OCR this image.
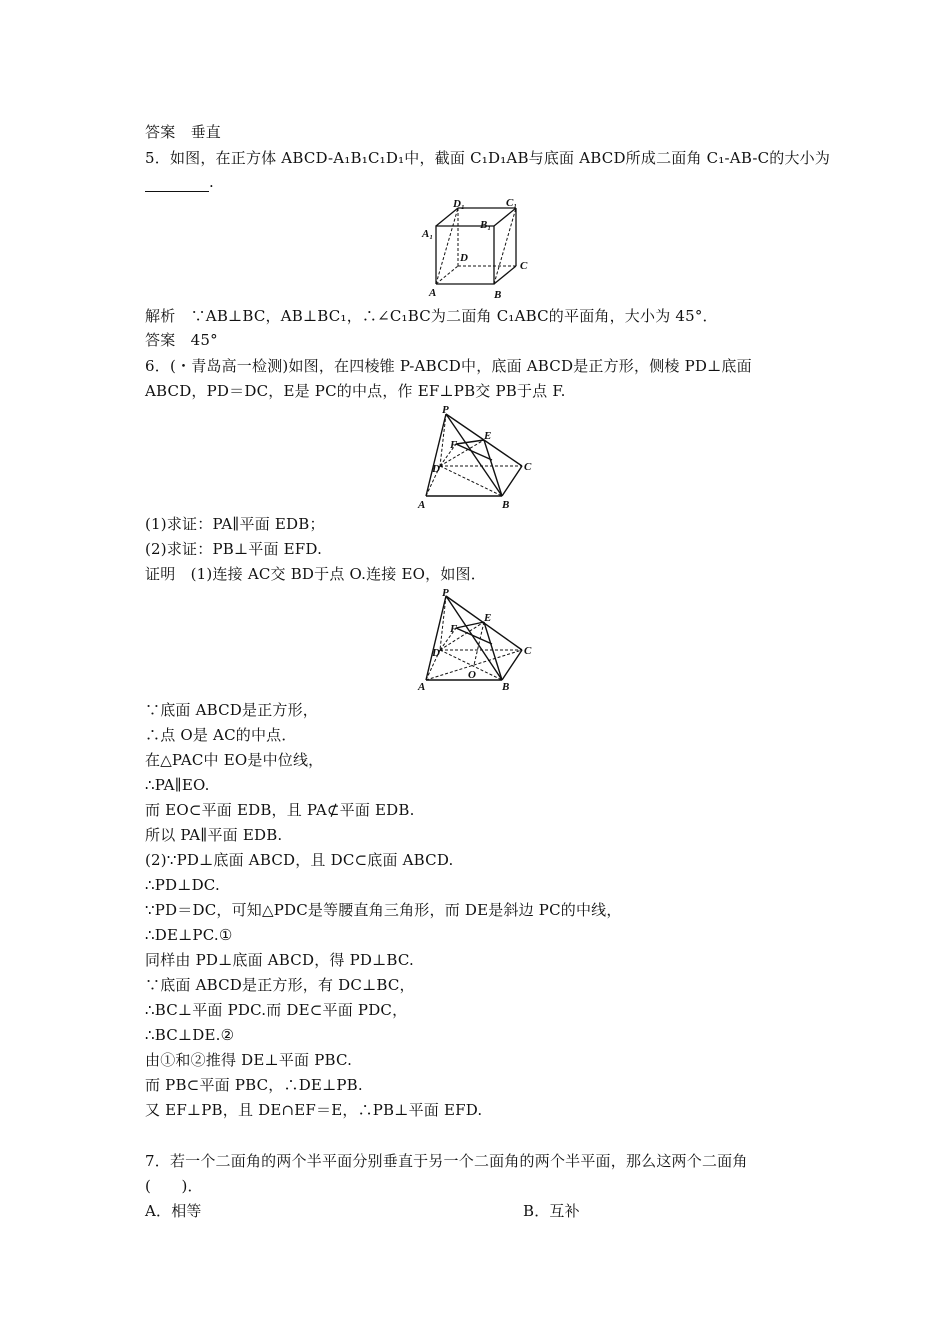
答案　垂直
5．如图，在正方体 ABCD-A₁B₁C₁D₁中，截面 C₁D₁AB与底面 ABCD所成二面角 C₁-AB-C的大小为
.
D₁	C₁
A₁
B₁
D
C
A	B
解析　∵AB⊥BC，AB⊥BC₁，∴∠C₁BC为二面角 C₁ABC的平面角，大小为 45°．
答案　45°
6．(・青岛高一检测)如图，在四棱锥 P-ABCD中，底面 ABCD是正方形，侧棱 PD⊥底面
ABCD，PD＝DC，E是 PC的中点，作 EF⊥PB交 PB于点 F.
P
F
E
D	C
A	B
(1)求证：PA∥平面 EDB；
(2)求证：PB⊥平面 EFD.
证明　(1)连接 AC交 BD于点 O.连接 EO，如图．
P
F
E
D	C
A	B
O
∵底面 ABCD是正方形，
∴点 O是 AC的中点．
在△PAC中 EO是中位线，
∴PA∥EO.
而 EO⊂平面 EDB，且 PA⊄平面 EDB.
所以 PA∥平面 EDB.
(2)∵PD⊥底面 ABCD，且 DC⊂底面 ABCD.
∴PD⊥DC.
∵PD＝DC，可知△PDC是等腰直角三角形，而 DE是斜边 PC的中线，
∴DE⊥PC.①
同样由 PD⊥底面 ABCD，得 PD⊥BC.
∵底面 ABCD是正方形，有 DC⊥BC，
∴BC⊥平面 PDC.而 DE⊂平面 PDC，
∴BC⊥DE.②
由①和②推得 DE⊥平面 PBC.
而 PB⊂平面 PBC，∴DE⊥PB.
又 EF⊥PB，且 DE∩EF＝E，∴PB⊥平面 EFD.
7．若一个二面角的两个半平面分别垂直于另一个二面角的两个半平面，那么这两个二面角
(　　)．
A．相等	B．互补
